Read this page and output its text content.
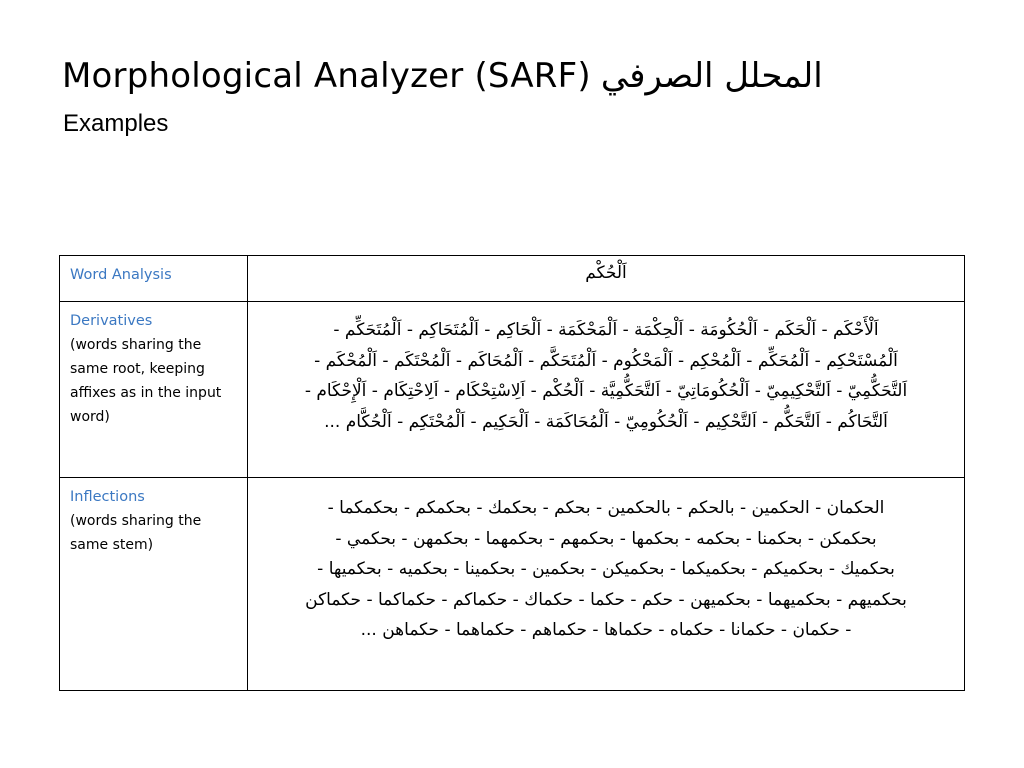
Morphological Analyzer (SARF) المحلل الصرفي
Examples
Word Analysis	اَلْحُكْم

Derivatives
(words sharing the same root, keeping affixes as in the input word)	اَلْأَحْكَم - اَلْحَكَم - اَلْحُكُومَة - اَلْحِكْمَة - اَلْمَحْكَمَة - اَلْحَاكِم - اَلْمُتَحَاكِم - اَلْمُتَحَكِّم -
اَلْمُسْتَحْكِم - اَلْمُحَكِّم - اَلْمُحْكِم - اَلْمَحْكُوم - اَلْمُتَحَكَّم - اَلْمُحَاكَم - اَلْمُحْتَكَم - اَلْمُحْكَم -
اَلتَّحَكُّمِيّ - اَلتَّحْكِيمِيّ - اَلْحُكُومَاتِيّ - اَلتَّحَكُّمِيَّة - اَلْحُكْم - اَلِاسْتِحْكَام - اَلِاحْتِكَام - اَلْإِحْكَام -
اَلتَّحَاكُم - اَلتَّحَكُّم - اَلتَّحْكِيم - اَلْحُكُومِيّ - اَلْمُحَاكَمَة - اَلْحَكِيم - اَلْمُحْتَكِم - اَلْحُكَّام ...

Inflections
(words sharing the same stem)	الحكمان - الحكمين - بالحكم - بالحكمين - بحكم - بحكمك - بحكمكم - بحكمكما -
بحكمكن - بحكمنا - بحكمه - بحكمها - بحكمهم - بحكمهما - بحكمهن - بحكمي -
بحكميك - بحكميكم - بحكميكما - بحكميكن - بحكمين - بحكمينا - بحكميه - بحكميها -
بحكميهم - بحكميهما - بحكميهن - حكم - حكما - حكماك - حكماكم - حكماكما - حكماكن
- حكمان - حكمانا - حكماه - حكماها - حكماهم - حكماهما - حكماهن ...
